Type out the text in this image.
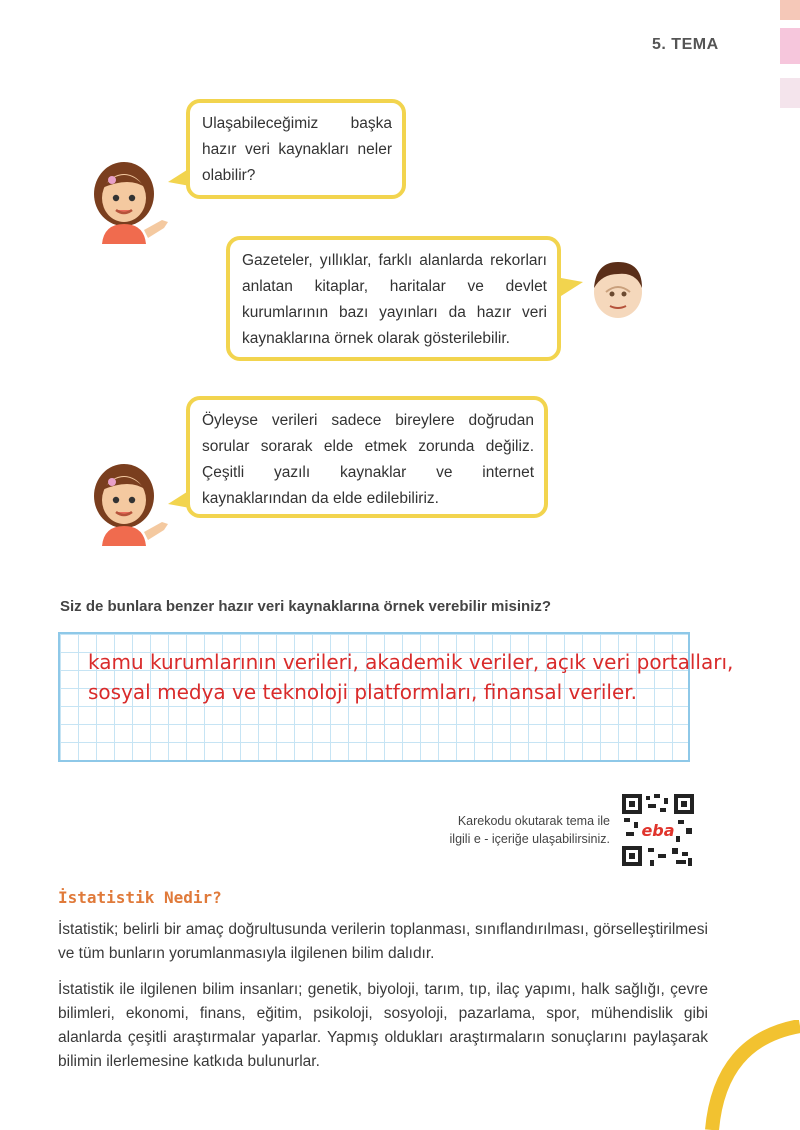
5. TEMA

Ulaşabileceğimiz başka hazır veri kaynakları neler olabilir?

Gazeteler, yıllıklar, farklı alanlarda rekorları anlatan kitaplar, haritalar ve devlet kurumlarının bazı yayınları da hazır veri kaynaklarına örnek olarak gösterilebilir.

Öyleyse verileri sadece bireylere doğrudan sorular sorarak elde etmek zorunda değiliz. Çeşitli yazılı kaynaklar ve internet kaynaklarından da elde edilebiliriz.

Siz de bunlara benzer hazır veri kaynaklarına örnek verebilir misiniz?
kamu kurumlarının verileri, akademik veriler, açık veri portalları,
sosyal medya ve teknoloji platformları, finansal veriler.
Karekodu okutarak tema ile
ilgili e - içeriğe ulaşabilirsiniz. eba
İstatistik Nedir?
İstatistik; belirli bir amaç doğrultusunda verilerin toplanması, sınıflandırılması, görselleştirilmesi ve tüm bunların yorumlanmasıyla ilgilenen bilim dalıdır.
İstatistik ile ilgilenen bilim insanları; genetik, biyoloji, tarım, tıp, ilaç yapımı, halk sağlığı, çevre bilimleri, ekonomi, finans, eğitim, psikoloji, sosyoloji, pazarlama, spor, mühendislik gibi alanlarda çeşitli araştırmalar yaparlar. Yapmış oldukları araştırmaların sonuçlarını paylaşarak bilimin ilerlemesine katkıda bulunurlar.
